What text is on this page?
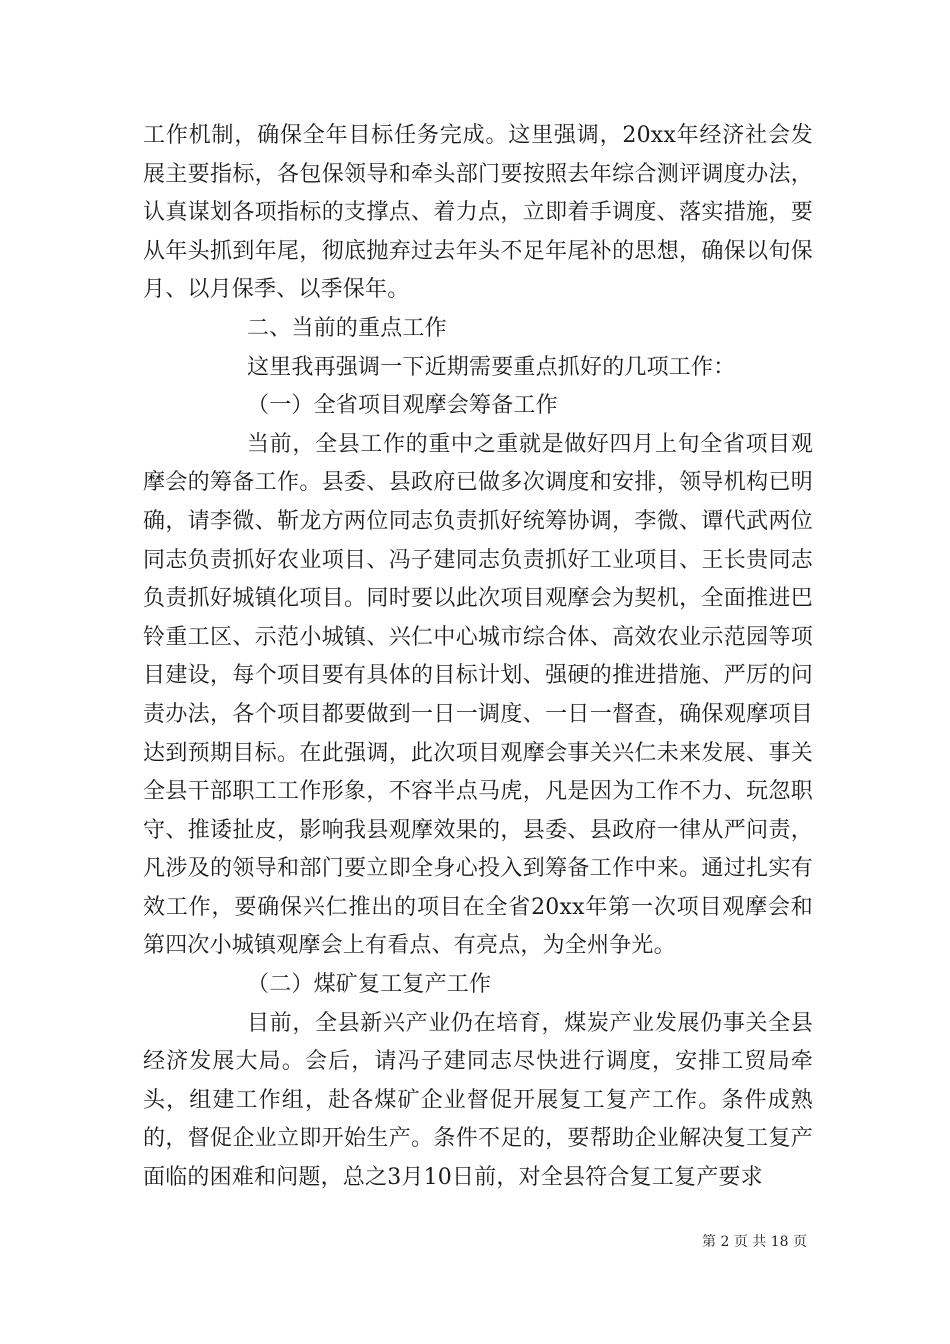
工作机制，确保全年目标任务完成。这里强调，20xx年经济社会发展主要指标，各包保领导和牵头部门要按照去年综合测评调度办法，认真谋划各项指标的支撑点、着力点，立即着手调度、落实措施，要从年头抓到年尾，彻底抛弃过去年头不足年尾补的思想，确保以旬保月、以月保季、以季保年。

二、当前的重点工作

这里我再强调一下近期需要重点抓好的几项工作：

（一）全省项目观摩会筹备工作

当前，全县工作的重中之重就是做好四月上旬全省项目观摩会的筹备工作。县委、县政府已做多次调度和安排，领导机构已明确，请李微、靳龙方两位同志负责抓好统筹协调，李微、谭代武两位同志负责抓好农业项目、冯子建同志负责抓好工业项目、王长贵同志负责抓好城镇化项目。同时要以此次项目观摩会为契机，全面推进巴铃重工区、示范小城镇、兴仁中心城市综合体、高效农业示范园等项目建设，每个项目要有具体的目标计划、强硬的推进措施、严厉的问责办法，各个项目都要做到一日一调度、一日一督查，确保观摩项目达到预期目标。在此强调，此次项目观摩会事关兴仁未来发展、事关全县干部职工工作形象，不容半点马虎，凡是因为工作不力、玩忽职守、推诿扯皮，影响我县观摩效果的，县委、县政府一律从严问责，凡涉及的领导和部门要立即全身心投入到筹备工作中来。通过扎实有效工作，要确保兴仁推出的项目在全省20xx年第一次项目观摩会和第四次小城镇观摩会上有看点、有亮点，为全州争光。

（二）煤矿复工复产工作

目前，全县新兴产业仍在培育，煤炭产业发展仍事关全县经济发展大局。会后，请冯子建同志尽快进行调度，安排工贸局牵头，组建工作组，赴各煤矿企业督促开展复工复产工作。条件成熟的，督促企业立即开始生产。条件不足的，要帮助企业解决复工复产面临的困难和问题，总之3月10日前，对全县符合复工复产要求

第 2 页 共 18 页
